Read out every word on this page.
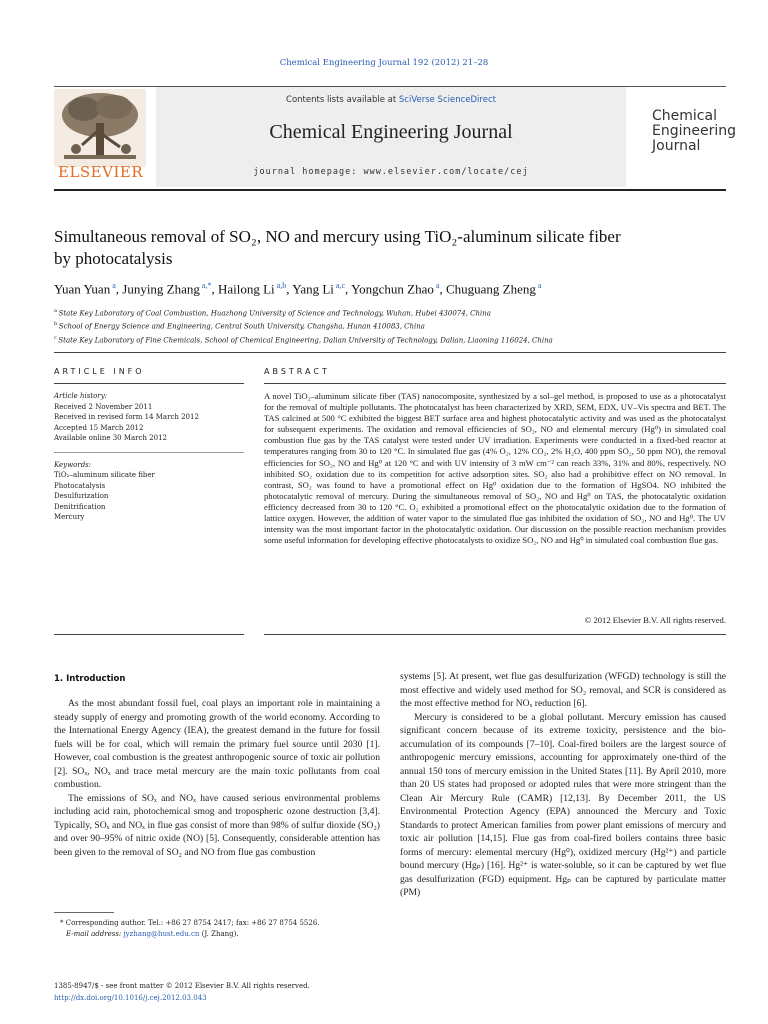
Chemical Engineering Journal 192 (2012) 21–28
ELSEVIER
Contents lists available at SciVerse ScienceDirect
Chemical Engineering Journal
journal homepage: www.elsevier.com/locate/cej
Chemical
Engineering
Journal
Simultaneous removal of SO₂, NO and mercury using TiO₂-aluminum silicate fiber
by photocatalysis
Yuan Yuan $^a$, Junying Zhang $^{a,*}$, Hailong Li $^{a,b}$, Yang Li $^{a,c}$, Yongchun Zhao $^a$, Chuguang Zheng $^a$
$^a$ State Key Laboratory of Coal Combustion, Huazhong University of Science and Technology, Wuhan, Hubei 430074, China
$^b$ School of Energy Science and Engineering, Central South University, Changsha, Hunan 410083, China
$^c$ State Key Laboratory of Fine Chemicals, School of Chemical Engineering, Dalian University of Technology, Dalian, Liaoning 116024, China
ARTICLE INFO
Article history:
Received 2 November 2011
Received in revised form 14 March 2012
Accepted 15 March 2012
Available online 30 March 2012
Keywords:
TiO₂–aluminum silicate fiber
Photocatalysis
Desulfurization
Denitrification
Mercury
ABSTRACT
A novel TiO₂–aluminum silicate fiber (TAS) nanocomposite, synthesized by a sol–gel method, is proposed to use as a photocatalyst for the removal of multiple pollutants. The photocatalyst has been characterized by XRD, SEM, EDX, UV–Vis spectra and BET. The TAS calcined at 500 °C exhibited the biggest BET surface area and highest photocatalytic activity and was used as the photocatalyst for subsequent experiments. The oxidation and removal efficiencies of SO₂, NO and elemental mercury (Hg⁰) in simulated coal combustion flue gas by the TAS catalyst were tested under UV irradiation. Experiments were conducted in a fixed-bed reactor at temperatures ranging from 30 to 120 °C. In simulated flue gas (4% O₂, 12% CO₂, 2% H₂O, 400 ppm SO₂, 50 ppm NO), the removal efficiencies for SO₂, NO and Hg⁰ at 120 °C and with UV intensity of 3 mW cm⁻² can reach 33%, 31% and 80%, respectively. NO inhibited SO₂ oxidation due to its competition for active adsorption sites. SO₂ also had a prohibitive effect on NO removal. In contrast, SO₂ was found to have a promotional effect on Hg⁰ oxidation due to the formation of HgSO4. NO inhibited the photocatalytic removal of mercury. During the simultaneous removal of SO₂, NO and Hg⁰ on TAS, the photocatalytic oxidation efficiency decreased from 30 to 120 °C. O₂ exhibited a promotional effect on the photocatalytic oxidation due to the formation of lattice oxygen. However, the addition of water vapor to the simulated flue gas inhibited the oxidation of SO₂, NO and Hg⁰. The UV intensity was the most important factor in the photocatalytic oxidation. Our discussion on the possible reaction mechanism provides some useful information for developing effective photocatalysts to oxidize SO₂, NO and Hg⁰ in simulated coal combustion flue gas.
© 2012 Elsevier B.V. All rights reserved.
1. Introduction

As the most abundant fossil fuel, coal plays an important role in maintaining a steady supply of energy and promoting growth of the world economy. According to the International Energy Agency (IEA), the greatest demand in the future for fossil fuels will be for coal, which will remain the primary fuel source until 2030 [1]. However, coal combustion is the greatest anthropogenic source of toxic air pollution [2]. SOₓ, NOₓ and trace metal mercury are the main toxic pollutants from coal combustion.

The emissions of SOₓ and NOₓ have caused serious environmental problems including acid rain, photochemical smog and tropospheric ozone destruction [3,4]. Typically, SOₓ and NOₓ in flue gas consist of more than 98% of sulfur dioxide (SO₂) and over 90–95% of nitric oxide (NO) [5]. Consequently, considerable attention has been given to the removal of SO₂ and NO from flue gas combustion

systems [5]. At present, wet flue gas desulfurization (WFGD) technology is still the most effective and widely used method for SO₂ removal, and SCR is considered as the most effective method for NOₓ reduction [6].

Mercury is considered to be a global pollutant. Mercury emission has caused significant concern because of its extreme toxicity, persistence and the bio-accumulation of its compounds [7–10]. Coal-fired boilers are the largest source of anthropogenic mercury emissions, accounting for approximately one-third of the annual 150 tons of mercury emission in the United States [11]. By April 2010, more than 20 US states had proposed or adopted rules that were more stringent than the Clean Air Mercury Rule (CAMR) [12,13]. By December 2011, the US Environmental Protection Agency (EPA) announced the Mercury and Toxic Standards to protect American families from power plant emissions of mercury and toxic air pollution [14,15]. Flue gas from coal-fired boilers contains three basic forms of mercury: elemental mercury (Hg⁰), oxidized mercury (Hg²⁺) and particle bound mercury (Hgₚ) [16]. Hg²⁺ is water-soluble, so it can be captured by wet flue gas desulfurization (FGD) equipment. Hgₚ can be captured by particulate matter (PM)

* Corresponding author. Tel.: +86 27 8754 2417; fax: +86 27 8754 5526.
E-mail address: jyzhang@hust.edu.cn (J. Zhang).
1385-8947/$ - see front matter © 2012 Elsevier B.V. All rights reserved.
http://dx.doi.org/10.1016/j.cej.2012.03.043
